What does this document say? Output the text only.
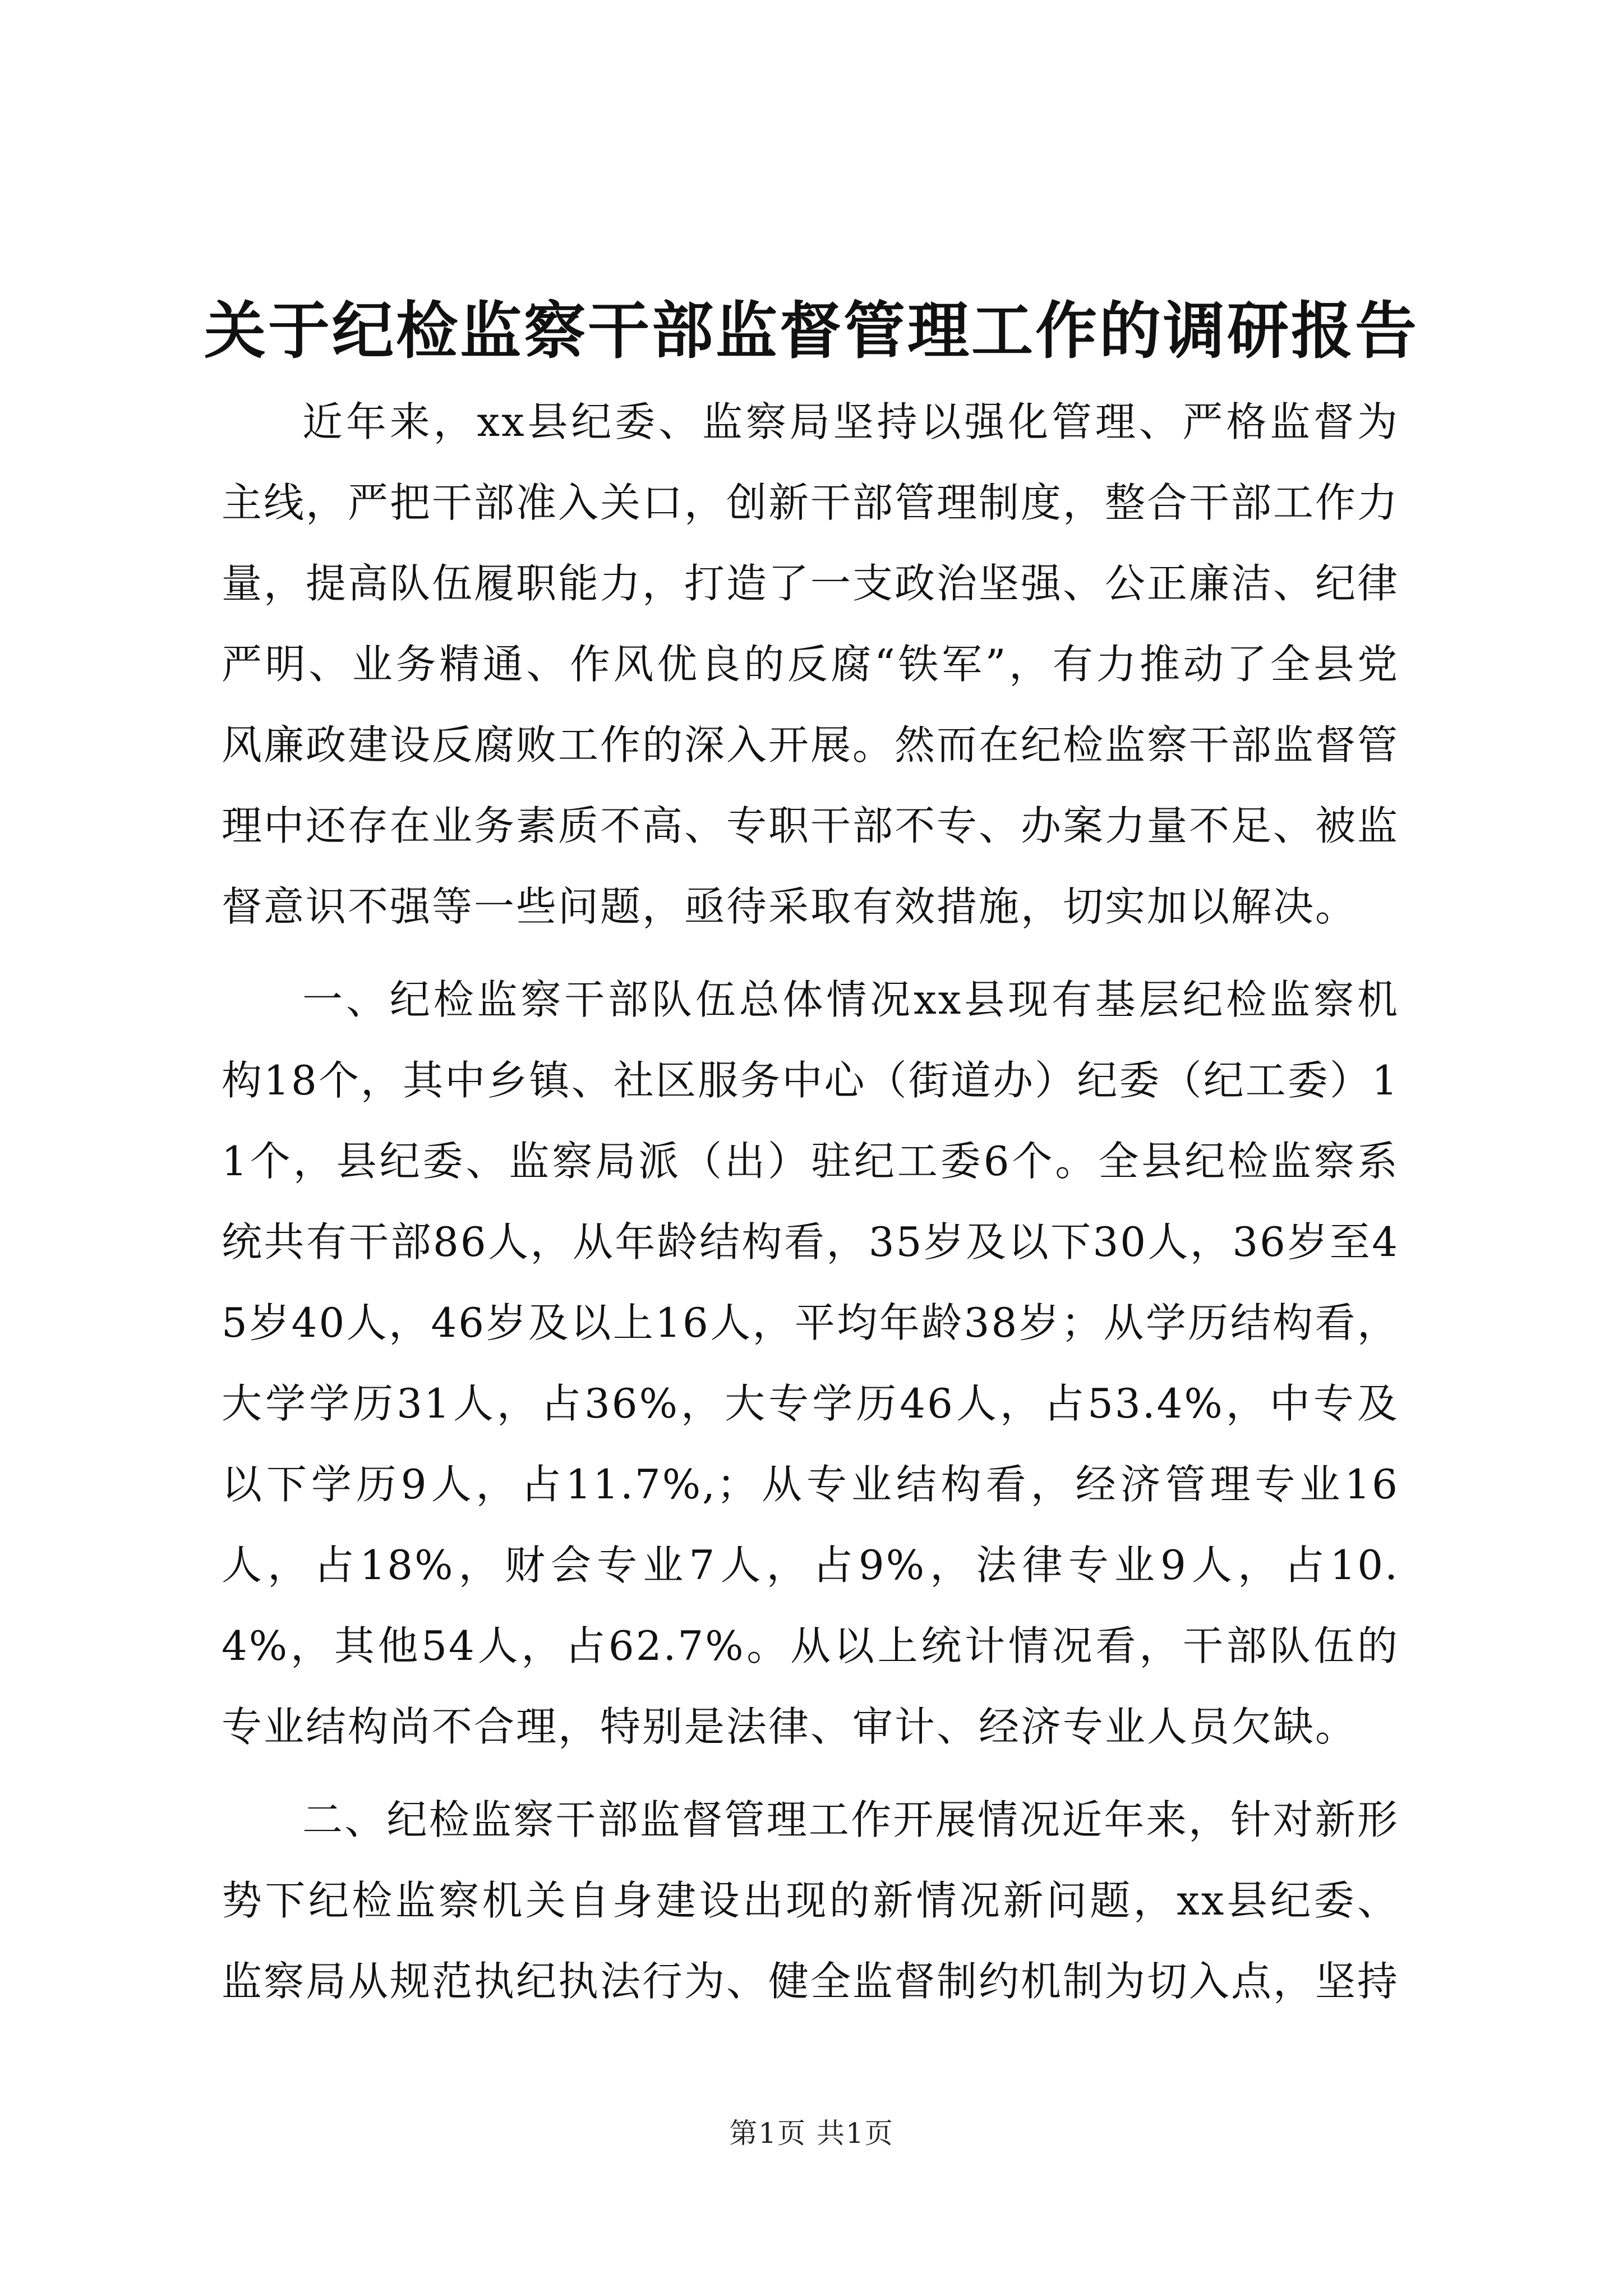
关于纪检监察干部监督管理工作的调研报告

近年来，xx县纪委、监察局坚持以强化管理、严格监督为主线，严把干部准入关口，创新干部管理制度，整合干部工作力量，提高队伍履职能力，打造了一支政治坚强、公正廉洁、纪律严明、业务精通、作风优良的反腐“铁军”，有力推动了全县党风廉政建设反腐败工作的深入开展。然而在纪检监察干部监督管理中还存在业务素质不高、专职干部不专、办案力量不足、被监督意识不强等一些问题，亟待采取有效措施，切实加以解决。

一、纪检监察干部队伍总体情况xx县现有基层纪检监察机构18个，其中乡镇、社区服务中心（街道办）纪委（纪工委）11个，县纪委、监察局派（出）驻纪工委6个。全县纪检监察系统共有干部86人，从年龄结构看，35岁及以下30人，36岁至45岁40人，46岁及以上16人，平均年龄38岁；从学历结构看，大学学历31人，占36%，大专学历46人，占53.4%，中专及以下学历9人，占11.7%,；从专业结构看，经济管理专业16人，占18%，财会专业7人，占9%，法律专业9人，占10.4%，其他54人，占62.7%。从以上统计情况看，干部队伍的专业结构尚不合理，特别是法律、审计、经济专业人员欠缺。

二、纪检监察干部监督管理工作开展情况近年来，针对新形势下纪检监察机关自身建设出现的新情况新问题，xx县纪委、监察局从规范执纪执法行为、健全监督制约机制为切入点，坚持

第1页 共1页
